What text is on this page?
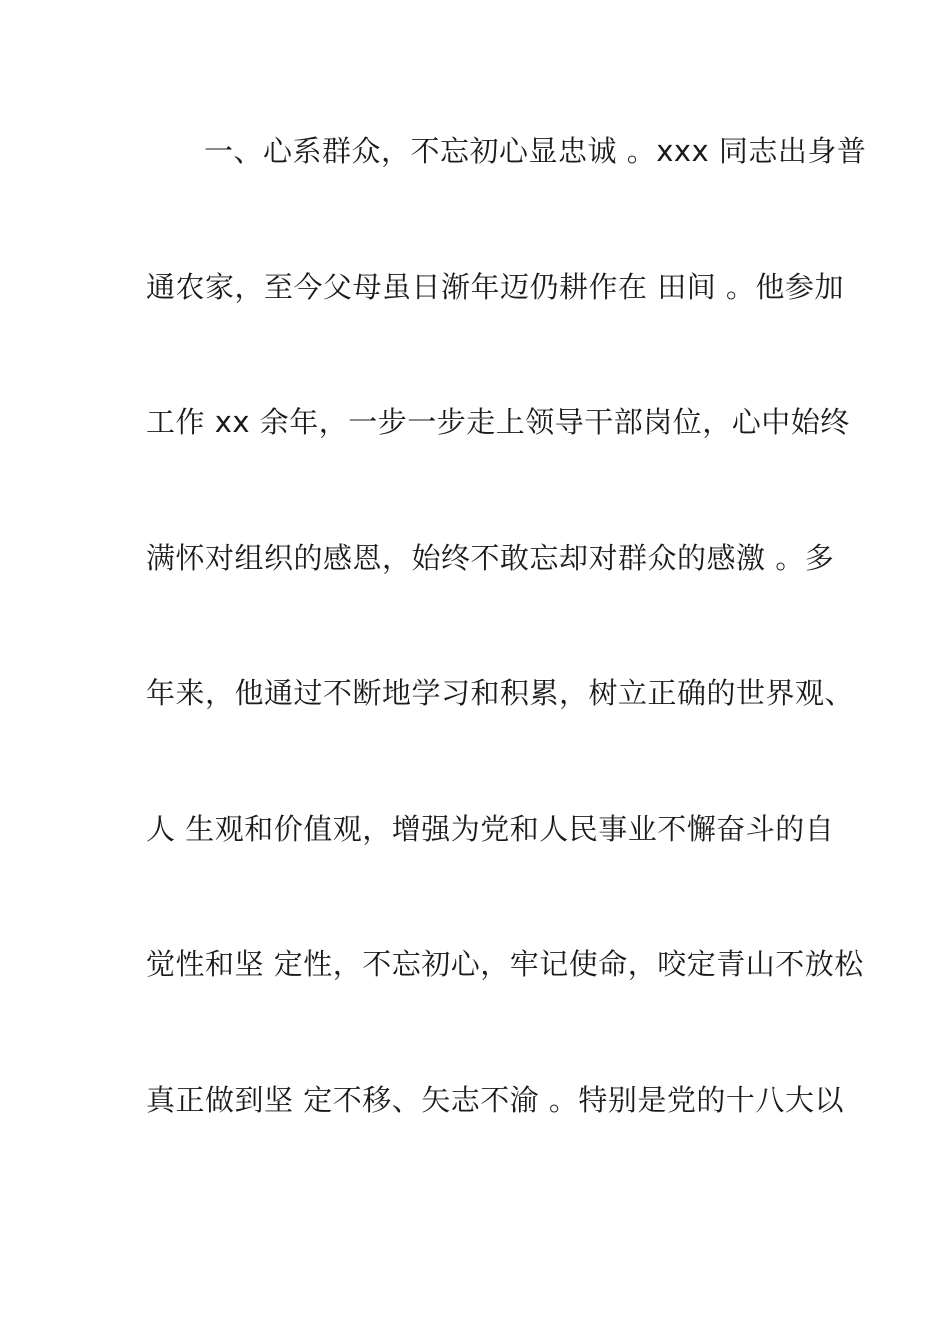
一、心系群众，不忘初心显忠诚 。xxx 同志出身普
通农家，至今父母虽日渐年迈仍耕作在 田间 。他参加
工作 xx 余年，一步一步走上领导干部岗位，心中始终
满怀对组织的感恩，始终不敢忘却对群众的感激 。多
年来，他通过不断地学习和积累，树立正确的世界观、
人 生观和价值观，增强为党和人民事业不懈奋斗的自
觉性和坚 定性，不忘初心，牢记使命，咬定青山不放松
真正做到坚 定不移、矢志不渝 。特别是党的十八大以
